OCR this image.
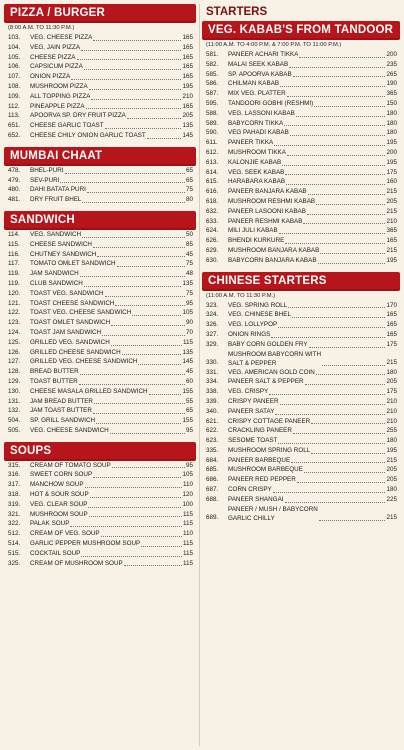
PIZZA / BURGER
(8:00 A.M. TO 11:30 P.M.)
103.	VEG. CHEESE PIZZA	165
104.	VEG. JAIN PIZZA	165
105.	CHEESE PIZZA	165
106.	CAPSICUM PIZZA	165
107.	ONION PIZZA	165
108.	MUSHROOM PIZZA	195
109.	ALL TOPPING PIZZA	210
112.	PINEAPPLE PIZZA	165
113.	APOORVA SP. DRY FRUIT PIZZA	205
651.	CHEESE GARLIC TOAST	135
652.	CHEESE CHILY ONION GARLIC TOAST	145
MUMBAI CHAAT
478.	BHEL-PURI	65
479.	SEV-PURI	65
480.	DAHI BATATA PURI	75
481.	DRY FRUIT BHEL	80
SANDWICH
114.	VEG. SANDWICH	50
115.	CHEESE SANDWICH	85
116.	CHUTNEY SANDWICH	45
117.	TOMATO OMLET SANDWICH	75
119.	JAM SANDWICH	48
119.	CLUB SANDWICH	135
120.	TOAST VEG. SANDWICH	75
121.	TOAST CHEESE SANDWICH	95
122.	TOAST VEG. CHEESE SANDWICH	105
123.	TOAST OMLET SANDWICH	90
124.	TOAST JAM SANDWICH	70
125.	GRILLED VEG. SANDWICH	115
126.	GRILLED CHEESE SANDWICH	135
127.	GRILLED VEG. CHEESE SANDWICH	145
128.	BREAD BUTTER	45
129.	TOAST BUTTER	60
130.	CHEESE MASALA GRILLED SANDWICH	155
131.	JAM BREAD BUTTER	55
132.	JAM TOAST BUTTER	65
504.	SP. GRILL SANDWICH	155
505.	VEG. CHEESE SANDWICH	95
SOUPS
315.	CREAM OF TOMATO SOUP	95
316.	SWEET CORN SOUP	105
317.	MANCHOW SOUP	110
318.	HOT & SOUR SOUP	120
319.	VEG. CLEAR SOUP	100
321.	MUSHROOM SOUP	115
322.	PALAK SOUP	115
512.	CREAM OF VEG. SOUP	110
514.	GARLIC PEPPER MUSHROOM SOUP	115
515.	COCKTAIL SOUP	115
325.	CREAM OF MUSHROOM SOUP	115
STARTERS
VEG. KABAB'S FROM TANDOOR
(11:00 A.M. TO 4:00 P.M. & 7:00 P.M. TO 11:00 P.M.)
581.	PANEER ACHARI TIKKA	200
582.	MALAI SEEK KABAB	235
585.	SP. APOORVA KABAB	265
586.	CHILMAN KABAB	190
587.	MIX VEG. PLATTER	365
595.	TANDOORI GOBHI (RESHMI)	150
588.	VEG. LASSONI KABAB	180
589.	BABYCORN TIKKA	180
590.	VEG PAHADI KABAB	180
611.	PANEER TIKKA	195
612.	MUSHROOM TIKKA	200
613.	KALONJIE KABAB	195
614.	VEG. SEEK KABAB	175
615.	HARABARA KABAB	160
616.	PANEER BANJARA KABAB	215
618.	MUSHROOM RESHMI KABAB	205
632.	PANEER LASOONI KABAB	215
633.	PANEER RESHMI KABAB	210
624.	MILI JULI KABAB	365
626.	BHENDI KURKURE	165
629.	MUSHROOM BANJARA KABAB	215
630.	BABYCORN BANJARA KABAB	195
CHINESE STARTERS
(11:00 A.M. TO 11:30 P.M.)
323.	VEG. SPRING ROLL	170
324.	VEG. CHINESE BHEL	165
326.	VEG. LOLLYPOP	165
327.	ONION RINGS	165
329.	BABY CORN GOLDEN FRY	175
330.
MUSHROOM BABYCORN WITH
SALT & PEPPER	215
331.	VEG. AMERICAN GOLD COIN	180
334.	PANEER SALT & PEPPER	205
338.	VEG. CRISPY	175
339.	CRISPY PANEER	210
340.	PANEER SATAY	210
621.	CRISPY COTTAGE PANEER	210
622.	CRACKLING PANEER	255
623.	SESOME TOAST	180
335.	MUSHROOM SPRING ROLL	195
684.	PANEER BARBEQUE	215
685.	MUSHROOM BARBEQUE	205
686.	PANEER RED PEPPER	205
687.	CORN CRISPY	180
688.	PANEER SHANGAI	225
689.
PANEER / MUSH / BABYCORN
GARLIC CHILLY	215
